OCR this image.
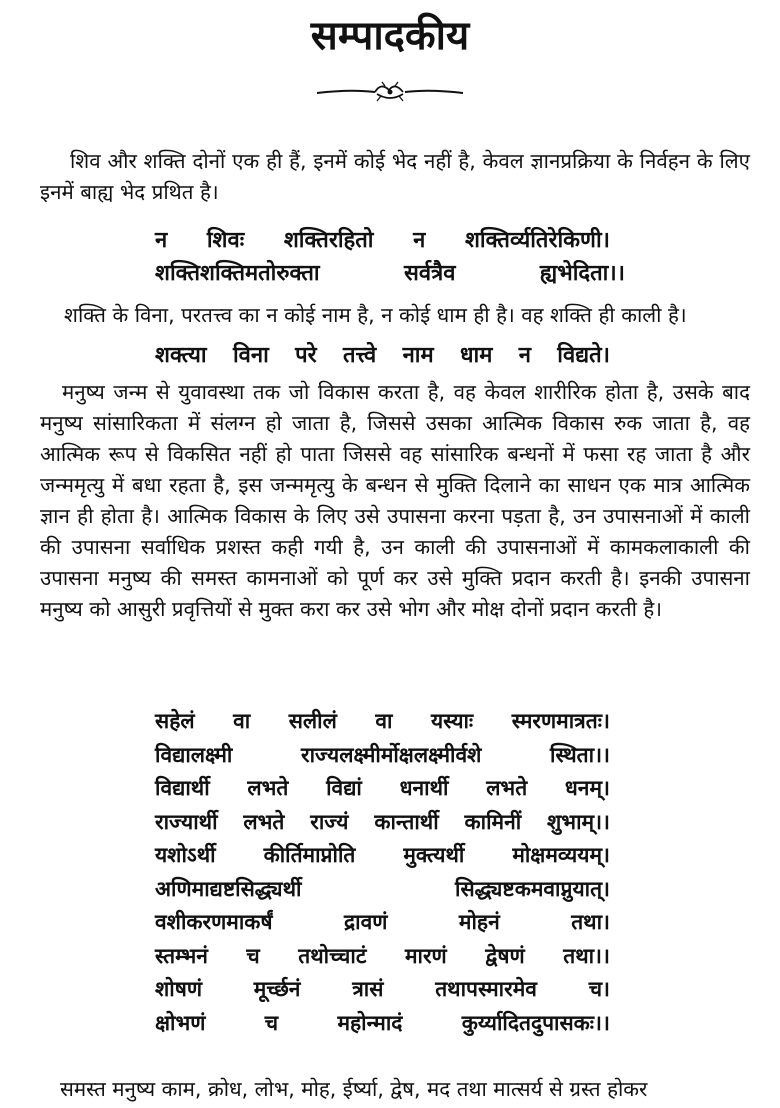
सम्पादकीय

शिव और शक्ति दोनों एक ही हैं, इनमें कोई भेद नहीं है, केवल ज्ञानप्रक्रिया के निर्वहन के लिए इनमें बाह्य भेद प्रथित है।

न शिवः शक्तिरहितो न शक्तिर्व्यतिरेकिणी।
शक्तिशक्तिमतोरुक्ता	सर्वत्रैव	ह्यभेदिता।।

शक्ति के विना, परतत्त्व का न कोई नाम है, न कोई धाम ही है। वह शक्ति ही काली है।

शक्त्या विना परे तत्त्वे नाम धाम न विद्यते।

मनुष्य जन्म से युवावस्था तक जो विकास करता है, वह केवल शारीरिक होता है, उसके बाद मनुष्य सांसारिकता में संलग्न हो जाता है, जिससे उसका आत्मिक विकास रुक जाता है, वह आत्मिक रूप से विकसित नहीं हो पाता जिससे वह सांसारिक बन्धनों में फसा रह जाता है और जन्ममृत्यु में बधा रहता है, इस जन्ममृत्यु के बन्धन से मुक्ति दिलाने का साधन एक मात्र आत्मिक ज्ञान ही होता है। आत्मिक विकास के लिए उसे उपासना करना पड़ता है, उन उपासनाओं में काली की उपासना सर्वाधिक प्रशस्त कही गयी है, उन काली की उपासनाओं में कामकलाकाली की उपासना मनुष्य की समस्त कामनाओं को पूर्ण कर उसे मुक्ति प्रदान करती है। इनकी उपासना मनुष्य को आसुरी प्रवृत्तियों से मुक्त करा कर उसे भोग और मोक्ष दोनों प्रदान करती है।

सहेलं वा सलीलं वा यस्याः स्मरणमात्रतः।
विद्यालक्ष्मी	राज्यलक्ष्मीर्मोक्षलक्ष्मीर्वशे	स्थिता।।
विद्यार्थी लभते विद्यां धनार्थी लभते धनम्।
राज्यार्थी लभते राज्यं कान्तार्थी कामिनीं शुभाम्।।
यशोऽर्थी कीर्तिमाप्नोति मुक्त्यर्थी मोक्षमव्ययम्।
अणिमाद्यष्टसिद्ध्यर्थी	सिद्ध्यष्टकमवाप्नुयात्।
वशीकरणमाकर्षं	द्रावणं	मोहनं	तथा।
स्तम्भनं च तथोच्चाटं मारणं द्वेषणं तथा।।
शोषणं मूर्च्छनं त्रासं तथापस्मारमेव च।
क्षोभणं	च	महोन्मादं	कुर्य्यादितदुपासकः।।

समस्त मनुष्य काम, क्रोध, लोभ, मोह, ईर्ष्या, द्वेष, मद तथा मात्सर्य से ग्रस्त होकर
